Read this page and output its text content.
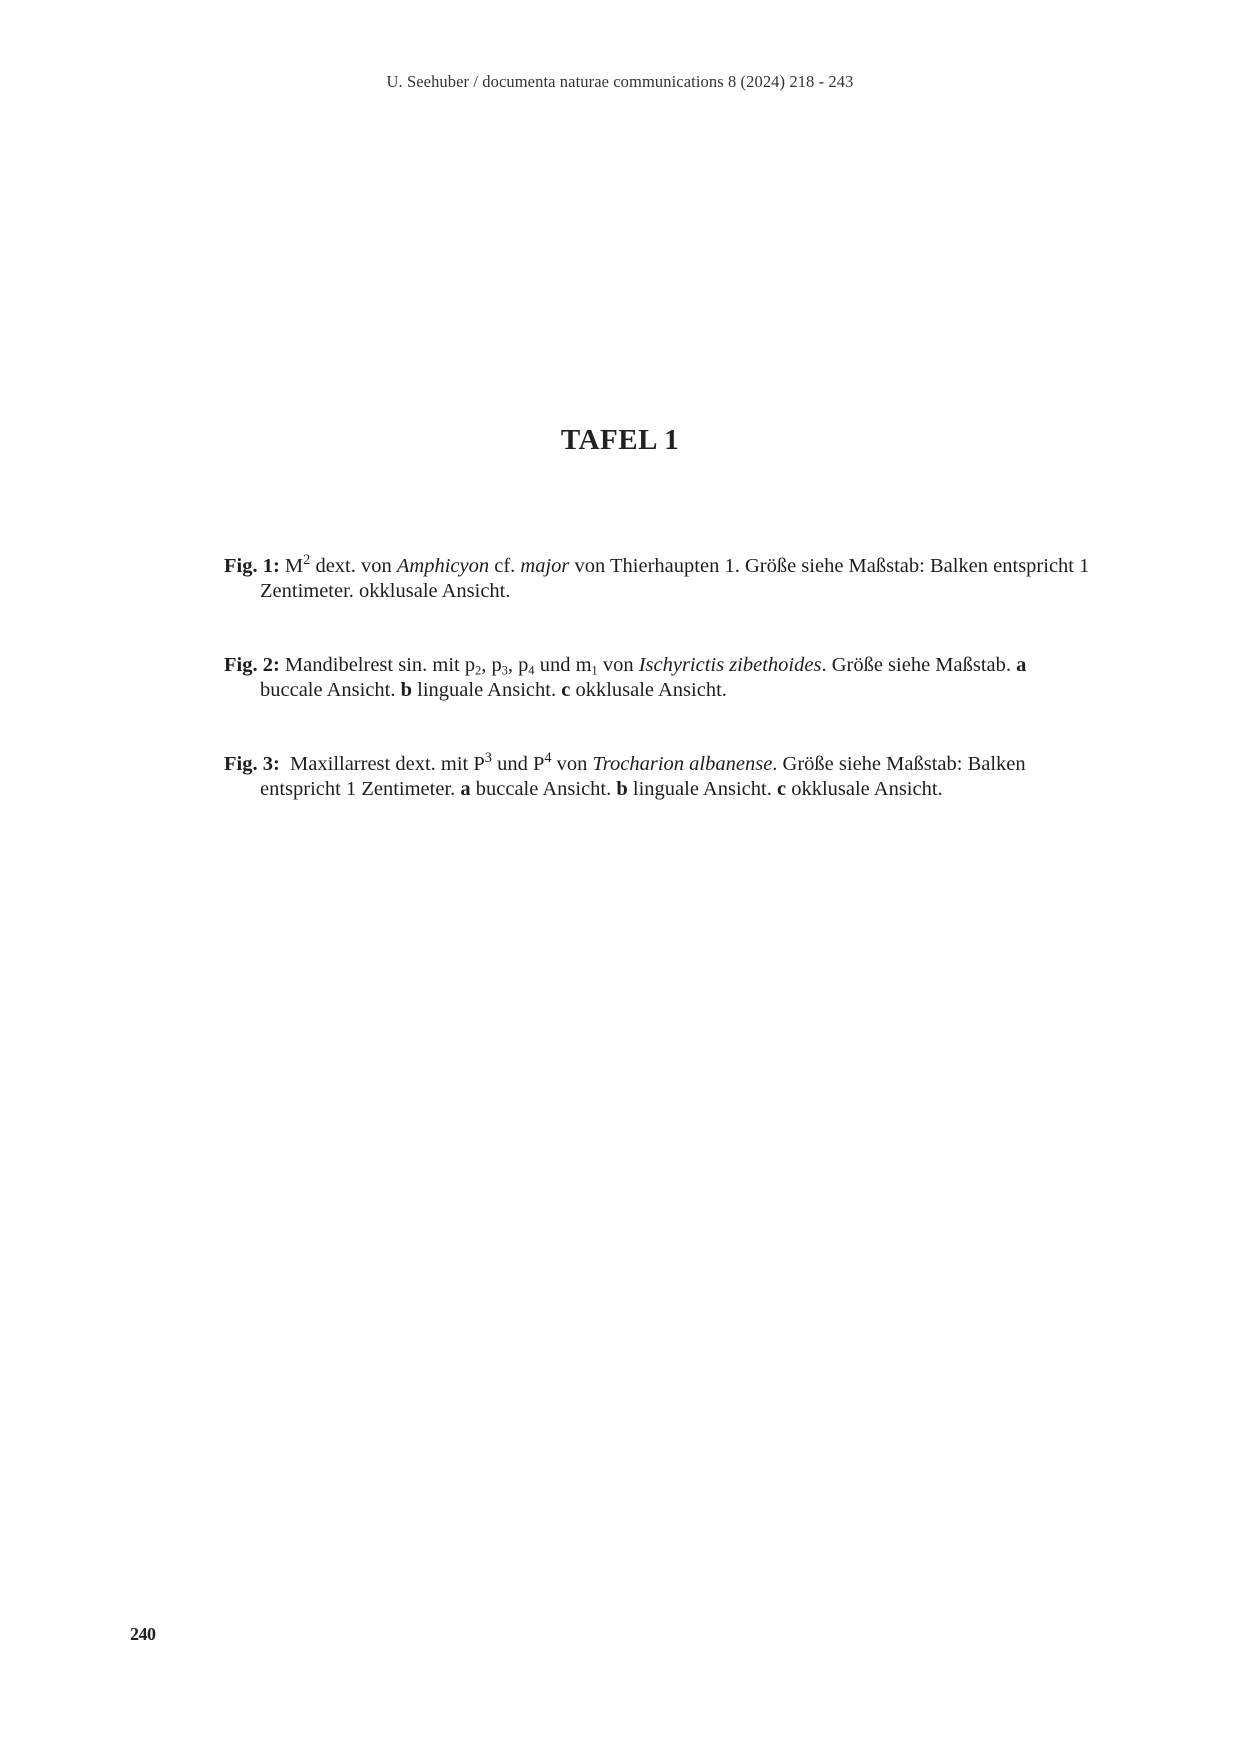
U. Seehuber / documenta naturae communications 8 (2024) 218 - 243
TAFEL 1

Fig. 1: $M^2$ dext. von Amphicyon cf. major von Thierhaupten 1. Größe siehe Maßstab: Balken entspricht 1 Zentimeter. okklusale Ansicht.

Fig. 2: Mandibelrest sin. mit $p_2$, $p_3$, $p_4$ und $m_1$ von Ischyrictis zibethoides. Größe siehe Maßstab. a buccale Ansicht. b linguale Ansicht. c okklusale Ansicht.

Fig. 3:  Maxillarrest dext. mit $P^3$ und $P^4$ von Trocharion albanense. Größe siehe Maßstab: Balken entspricht 1 Zentimeter. a buccale Ansicht. b linguale Ansicht. c okklusale Ansicht.

240
